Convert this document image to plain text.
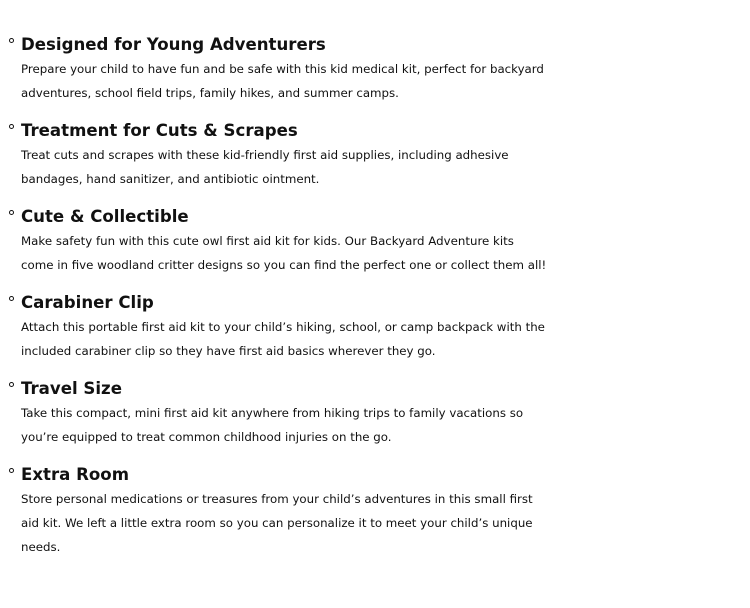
Designed for Young Adventurers
Prepare your child to have fun and be safe with this kid medical kit, perfect for backyard
adventures, school field trips, family hikes, and summer camps.
Treatment for Cuts & Scrapes
Treat cuts and scrapes with these kid-friendly first aid supplies, including adhesive
bandages, hand sanitizer, and antibiotic ointment.
Cute & Collectible
Make safety fun with this cute owl first aid kit for kids. Our Backyard Adventure kits
come in five woodland critter designs so you can find the perfect one or collect them all!
Carabiner Clip
Attach this portable first aid kit to your child’s hiking, school, or camp backpack with the
included carabiner clip so they have first aid basics wherever they go.
Travel Size
Take this compact, mini first aid kit anywhere from hiking trips to family vacations so
you’re equipped to treat common childhood injuries on the go.
Extra Room
Store personal medications or treasures from your child’s adventures in this small first
aid kit. We left a little extra room so you can personalize it to meet your child’s unique
needs.
